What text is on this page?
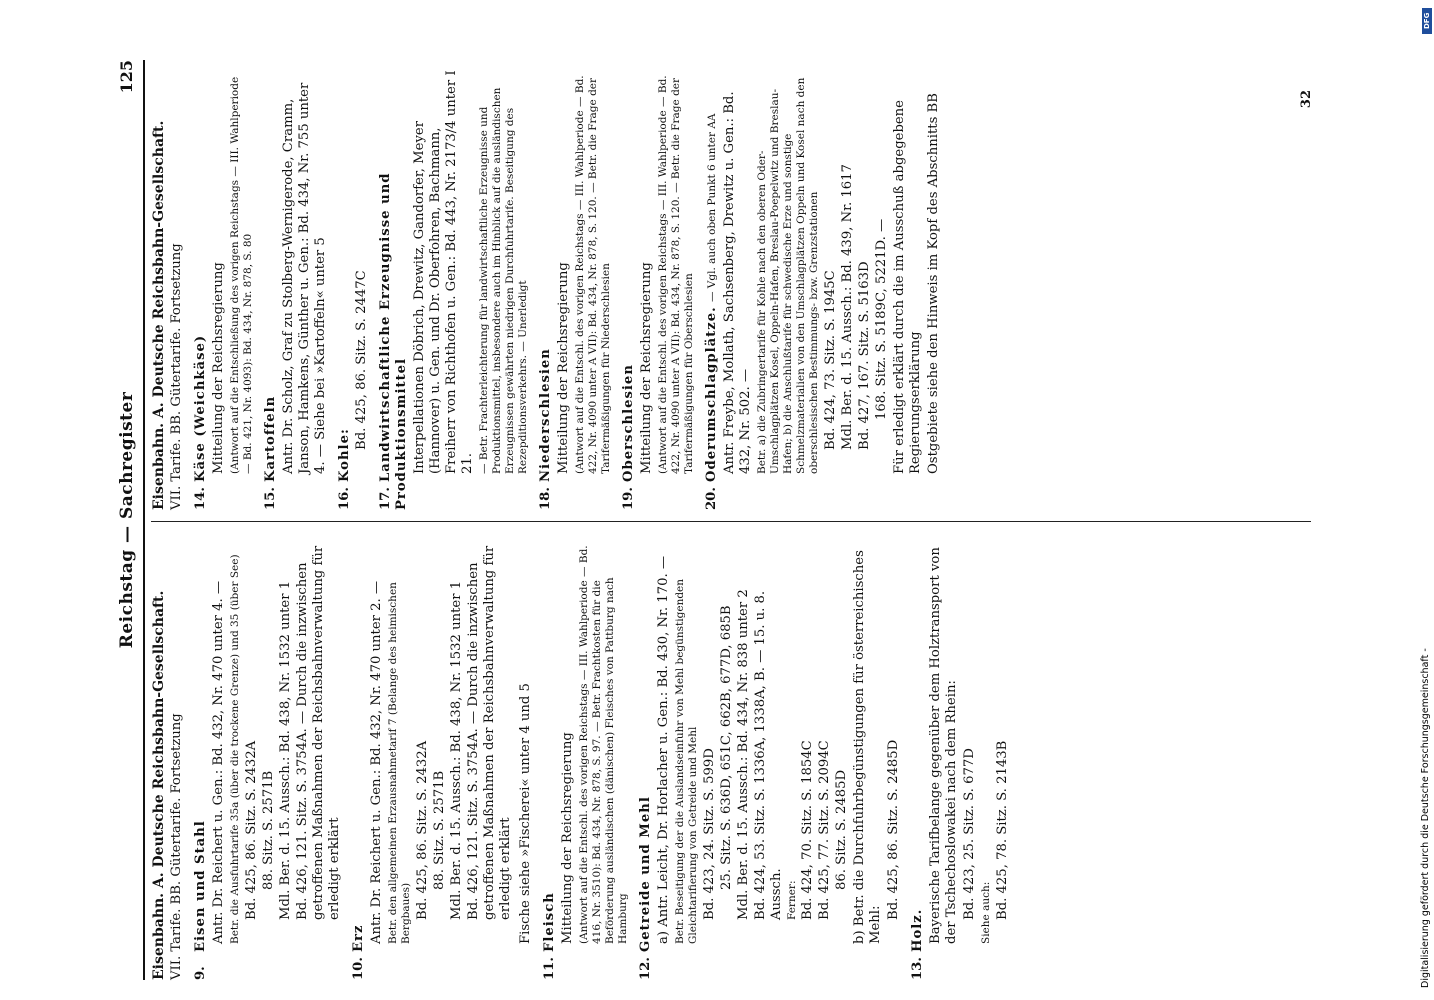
Reichstag — Sachregister
125
Eisenbahn. A. Deutsche Reichsbahn-Gesellschaft. VII. Tarife. BB. Gütertarife. Fortsetzung 9.Eisen und Stahl Antr. Dr. Reichert u. Gen.: Bd. 432, Nr. 470 unter 4. — Betr. die Ausfuhrtarife 35a (über die trockene Grenze) und 35 (über See) Bd. 425, 86. Sitz. S. 2432A 88. Sitz. S. 2571B Mdl. Ber. d. 15. Aussch.: Bd. 438, Nr. 1532 unter 1 Bd. 426, 121. Sitz. S. 3754A. — Durch die inzwischen getroffenen Maßnahmen der Reichsbahnverwaltung für erledigt erklärt
10.Erz Antr. Dr. Reichert u. Gen.: Bd. 432, Nr. 470 unter 2. — Betr. den allgemeinen Erzausnahmetarif 7 (Belange des heimischen Bergbaues) Bd. 425, 86. Sitz. S. 2432A 88. Sitz. S. 2571B Mdl. Ber. d. 15. Aussch.: Bd. 438, Nr. 1532 unter 1 Bd. 426, 121. Sitz. S. 3754A. — Durch die inzwischen getroffenen Maßnahmen der Reichsbahnverwaltung für erledigt erklärt Fische siehe »Fischerei« unter 4 und 5
11.Fleisch Mitteilung der Reichsregierung (Antwort auf die Entschl. des vorigen Reichstags — III. Wahlperiode — Bd. 416, Nr. 3510): Bd. 434, Nr. 878, S. 97. — Betr. Frachtkosten für die Beförderung ausländischen (dänischen) Fleisches von Pattburg nach Hamburg
12.Getreide und Mehl a) Antr. Leicht, Dr. Horlacher u. Gen.: Bd. 430, Nr. 170. — Betr. Beseitigung der die Auslandseinfuhr von Mehl begünstigenden Gleichtarifierung von Getreide und Mehl Bd. 423, 24. Sitz. S. 599D 25. Sitz. S. 636D, 651C, 662B, 677D, 685B Mdl. Ber. d. 15. Aussch.: Bd. 434, Nr. 838 unter 2 Bd. 424, 53. Sitz. S. 1336A, 1338A, B. — 15. u. 8. Aussch. Ferner: Bd. 424, 70. Sitz. S. 1854C Bd. 425, 77. Sitz. S. 2094C 86. Sitz. S. 2485D b) Betr. die Durchfuhrbegünstigungen für österreichisches Mehl:
Bd. 425, 86. Sitz. S. 2485D
13.Holz. Bayerische Tarifbelange gegenüber dem Holztransport von der Tschechoslowakei nach dem Rhein: Bd. 423, 25. Sitz. S. 677D Siehe auch: Bd. 425, 78. Sitz. S. 2143B
Eisenbahn. A. Deutsche Reichsbahn-Gesellschaft. VII. Tarife. BB. Gütertarife. Fortsetzung 14.Käse (Weichkäse) Mitteilung der Reichsregierung (Antwort auf die Entschließung des vorigen Reichstags — III. Wahlperiode — Bd. 421, Nr. 4093): Bd. 434, Nr. 878, S. 80
15.Kartoffeln Antr. Dr. Scholz, Graf zu Stolberg-Wernigerode, Cramm, Janson, Hamkens, Günther u. Gen.: Bd. 434, Nr. 755 unter 4. — Siehe bei »Kartoffeln« unter 5
16.Kohle:
Bd. 425, 86. Sitz. S. 2447C
17.Landwirtschaftliche Erzeugnisse und Produktionsmittel Interpellationen Döbrich, Drewitz, Gandorfer, Meyer (Hannover) u. Gen. und Dr. Oberfohren, Bachmann, Freiherr von Richthofen u. Gen.: Bd. 443, Nr. 2173/4 unter I 21. — Betr. Frachterleichterung für landwirtschaftliche Erzeugnisse und Produktionsmittel, insbesondere auch im Hinblick auf die ausländischen Erzeugnissen gewährten niedrigen Durchfuhrtarife. Beseitigung des Rezepditionsverkehrs. — Unerledigt
18.Niederschlesien Mitteilung der Reichsregierung (Antwort auf die Entschl. des vorigen Reichstags — III. Wahlperiode — Bd. 422, Nr. 4090 unter A VII): Bd. 434, Nr. 878, S. 120. — Betr. die Frage der Tarifermäßigungen für Niederschlesien
19.Oberschlesien Mitteilung der Reichsregierung (Antwort auf die Entschl. des vorigen Reichstags — III. Wahlperiode — Bd. 422, Nr. 4090 unter A VII): Bd. 434, Nr. 878, S. 120. — Betr. die Frage der Tarifermäßigungen für Oberschlesien
20.Oderumschlagplätze. — Vgl. auch oben Punkt 6 unter AA Antr. Freybe, Mollath, Sachsenberg, Drewitz u. Gen.: Bd. 432, Nr. 502. — Betr. a) die Zubringertarife für Kohle nach den oberen Oder-Umschlagplätzen Kosel, Oppeln-Hafen, Breslau-Poepelwitz und Breslau-Hafen; b) die Anschlußtarife für schwedische Erze und sonstige Schmelzmaterialien von den Umschlagplätzen Oppeln und Kosel nach den oberschlesischen Bestimmungs- bzw. Grenzstationen Bd. 424, 73. Sitz. S. 1945C Mdl. Ber. d. 15. Aussch.: Bd. 439, Nr. 1617 Bd. 427, 167. Sitz. S. 5163D 168. Sitz. S. 5189C, 5221D. — Für erledigt erklärt durch die im Ausschuß abgegebene Regierungserklärung Ostgebiete siehe den Hinweis im Kopf des Abschnitts BB	32
DFG
Digitalisierung gefördert durch die Deutsche Forschungsgemeinschaft -
